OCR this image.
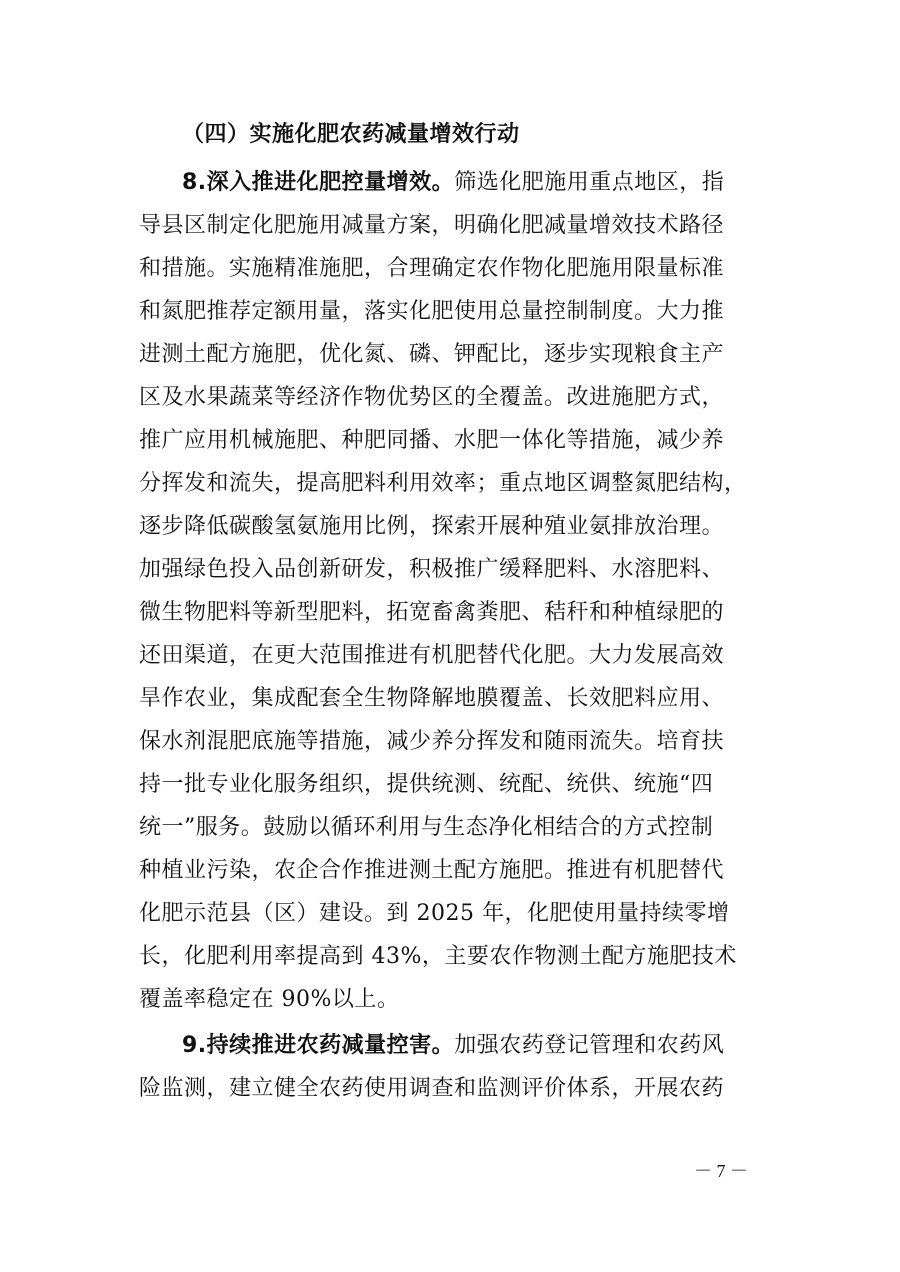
（四）实施化肥农药减量增效行动
8.深入推进化肥控量增效。筛选化肥施用重点地区，指
导县区制定化肥施用减量方案，明确化肥减量增效技术路径
和措施。实施精准施肥，合理确定农作物化肥施用限量标准
和氮肥推荐定额用量，落实化肥使用总量控制制度。大力推
进测土配方施肥，优化氮、磷、钾配比，逐步实现粮食主产
区及水果蔬菜等经济作物优势区的全覆盖。改进施肥方式，
推广应用机械施肥、种肥同播、水肥一体化等措施，减少养
分挥发和流失，提高肥料利用效率；重点地区调整氮肥结构，
逐步降低碳酸氢氨施用比例，探索开展种殖业氨排放治理。
加强绿色投入品创新研发，积极推广缓释肥料、水溶肥料、
微生物肥料等新型肥料，拓宽畜禽粪肥、秸秆和种植绿肥的
还田渠道，在更大范围推进有机肥替代化肥。大力发展高效
旱作农业，集成配套全生物降解地膜覆盖、长效肥料应用、
保水剂混肥底施等措施，减少养分挥发和随雨流失。培育扶
持一批专业化服务组织，提供统测、统配、统供、统施“四
统一”服务。鼓励以循环利用与生态净化相结合的方式控制
种植业污染，农企合作推进测土配方施肥。推进有机肥替代
化肥示范县（区）建设。到 2025 年，化肥使用量持续零增
长，化肥利用率提高到 43%，主要农作物测土配方施肥技术
覆盖率稳定在 90%以上。
9.持续推进农药减量控害。加强农药登记管理和农药风
险监测，建立健全农药使用调查和监测评价体系，开展农药
－ 7 －
